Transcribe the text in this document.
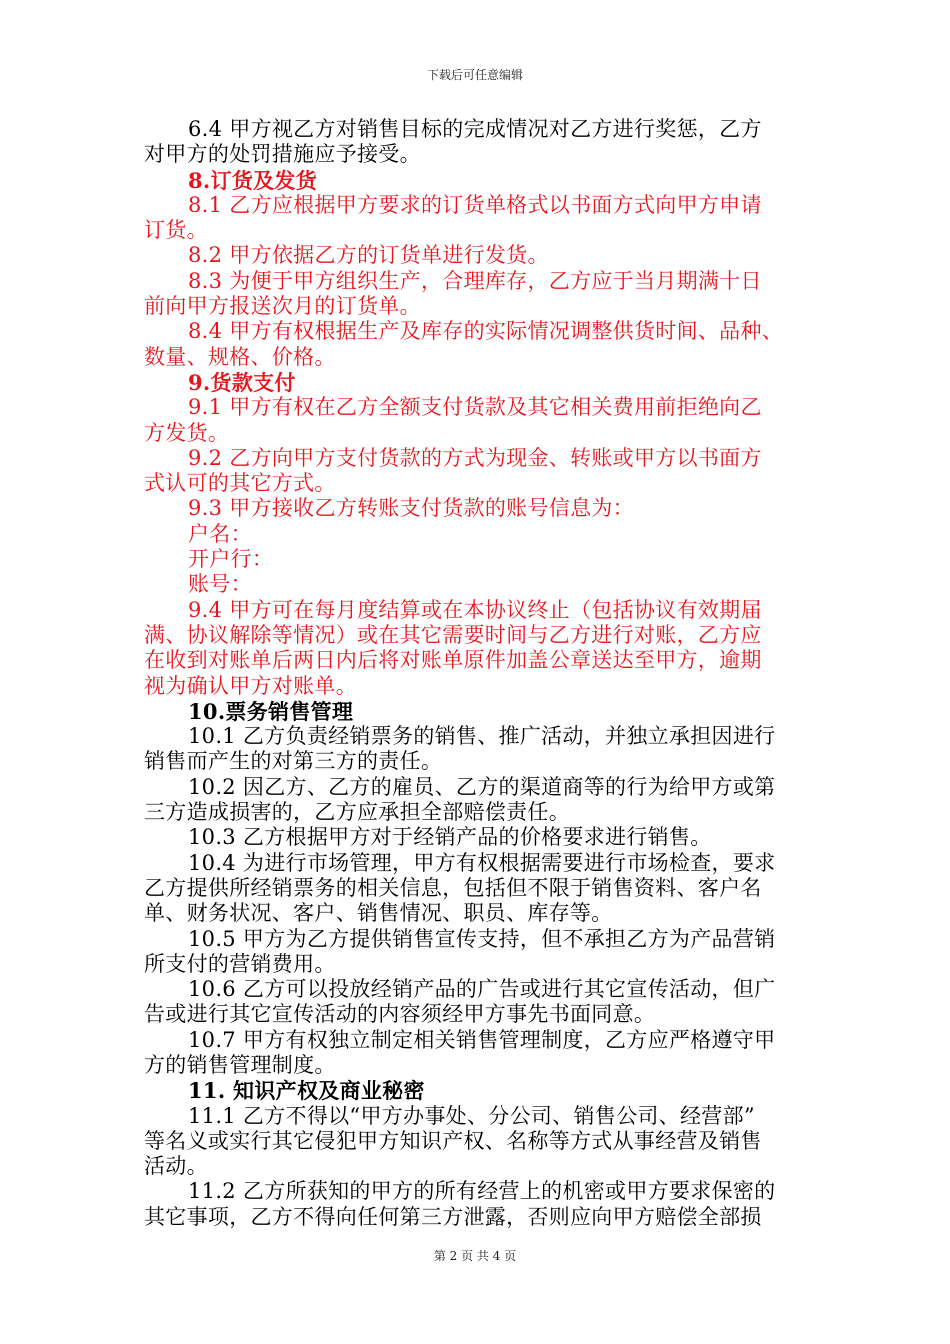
下载后可任意编辑
6.4 甲方视乙方对销售目标的完成情况对乙方进行奖惩，乙方
对甲方的处罚措施应予接受。
8.订货及发货
8.1 乙方应根据甲方要求的订货单格式以书面方式向甲方申请
订货。
8.2 甲方依据乙方的订货单进行发货。
8.3 为便于甲方组织生产，合理库存，乙方应于当月期满十日
前向甲方报送次月的订货单。
8.4 甲方有权根据生产及库存的实际情况调整供货时间、品种、
数量、规格、价格。
9.货款支付
9.1 甲方有权在乙方全额支付货款及其它相关费用前拒绝向乙
方发货。
9.2 乙方向甲方支付货款的方式为现金、转账或甲方以书面方
式认可的其它方式。
9.3 甲方接收乙方转账支付货款的账号信息为：
户名：
开户行：
账号：
9.4 甲方可在每月度结算或在本协议终止（包括协议有效期届
满、协议解除等情况）或在其它需要时间与乙方进行对账，乙方应
在收到对账单后两日内后将对账单原件加盖公章送达至甲方，逾期
视为确认甲方对账单。
10.票务销售管理
10.1 乙方负责经销票务的销售、推广活动，并独立承担因进行
销售而产生的对第三方的责任。
10.2 因乙方、乙方的雇员、乙方的渠道商等的行为给甲方或第
三方造成损害的，乙方应承担全部赔偿责任。
10.3 乙方根据甲方对于经销产品的价格要求进行销售。
10.4 为进行市场管理，甲方有权根据需要进行市场检查，要求
乙方提供所经销票务的相关信息，包括但不限于销售资料、客户名
单、财务状况、客户、销售情况、职员、库存等。
10.5 甲方为乙方提供销售宣传支持，但不承担乙方为产品营销
所支付的营销费用。
10.6 乙方可以投放经销产品的广告或进行其它宣传活动，但广
告或进行其它宣传活动的内容须经甲方事先书面同意。
10.7 甲方有权独立制定相关销售管理制度，乙方应严格遵守甲
方的销售管理制度。
11. 知识产权及商业秘密
11.1 乙方不得以“甲方办事处、分公司、销售公司、经营部”
等名义或实行其它侵犯甲方知识产权、名称等方式从事经营及销售
活动。
11.2 乙方所获知的甲方的所有经营上的机密或甲方要求保密的
其它事项，乙方不得向任何第三方泄露，否则应向甲方赔偿全部损
第 2 页 共 4 页
